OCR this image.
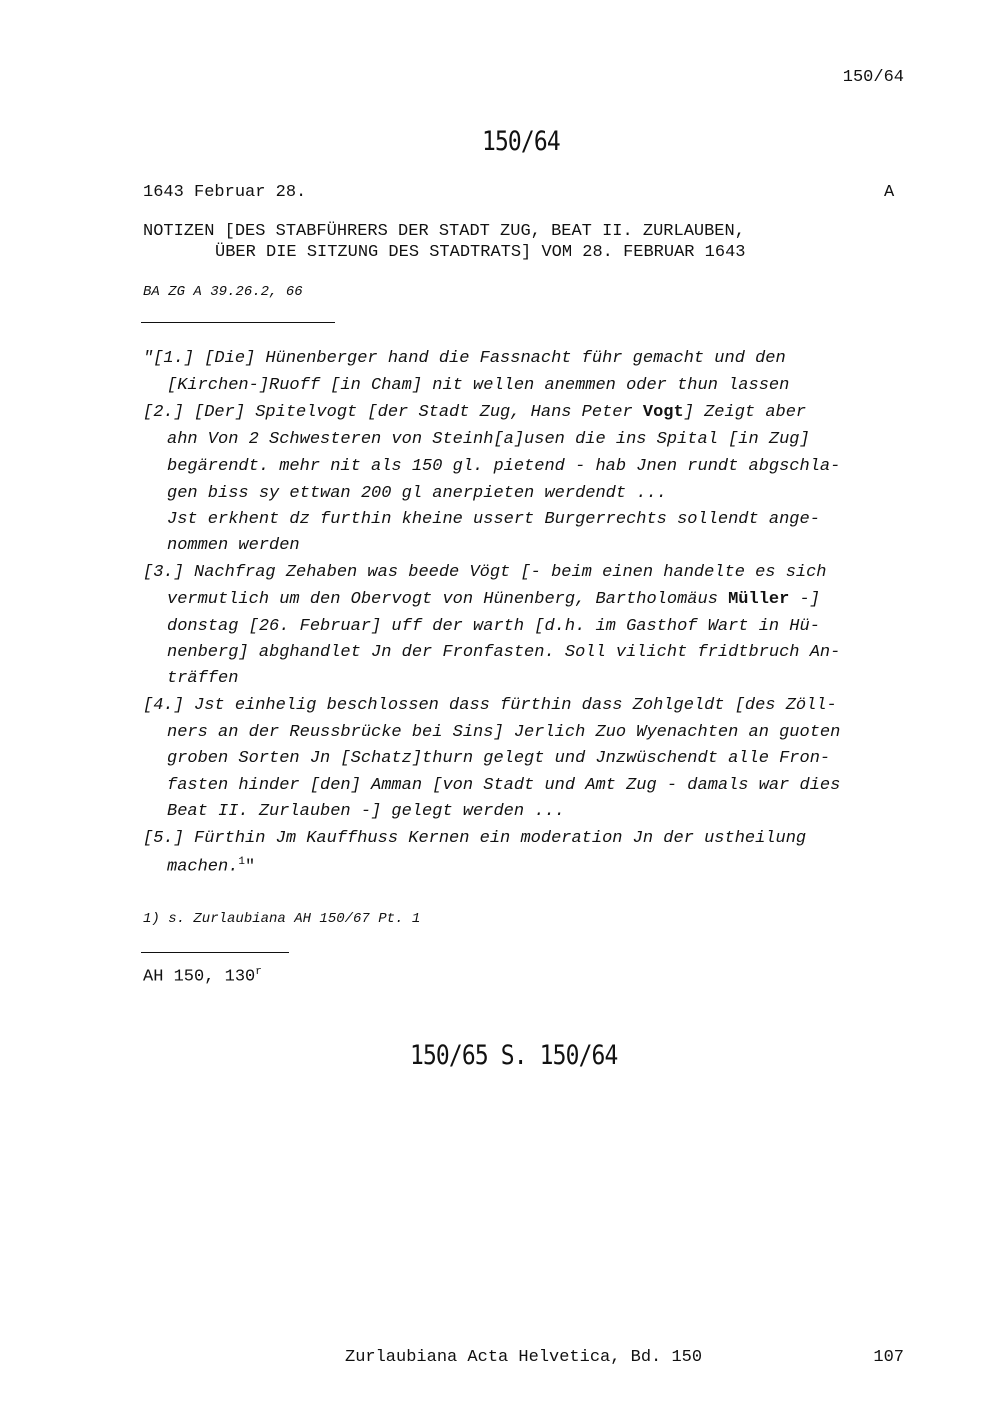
150/64
150/64
1643 Februar 28.	A
NOTIZEN [DES STABFÜHRERS DER STADT ZUG, BEAT II. ZURLAUBEN,
ÜBER DIE SITZUNG DES STADTRATS] VOM 28. FEBRUAR 1643
BA ZG A 39.26.2, 66
"[1.] [Die] Hünenberger hand die Fassnacht führ gemacht und den
[Kirchen-]Ruoff [in Cham] nit wellen anemmen oder thun lassen
[2.] [Der] Spitelvogt [der Stadt Zug, Hans Peter Vogt] Zeigt aber
ahn Von 2 Schwesteren von Steinh[a]usen die ins Spital [in Zug]
begärendt. mehr nit als 150 gl. pietend - hab Jnen rundt abgschla-
gen biss sy ettwan 200 gl anerpieten werdendt ...
Jst erkhent dz furthin kheine ussert Burgerrechts sollendt ange-
nommen werden
[3.] Nachfrag Zehaben was beede Vögt [- beim einen handelte es sich
vermutlich um den Obervogt von Hünenberg, Bartholomäus Müller -]
donstag [26. Februar] uff der warth [d.h. im Gasthof Wart in Hü-
nenberg] abghandlet Jn der Fronfasten. Soll vilicht fridtbruch An-
träffen
[4.] Jst einhelig beschlossen dass fürthin dass Zohlgeldt [des Zöll-
ners an der Reussbrücke bei Sins] Jerlich Zuo Wyenachten an guoten
groben Sorten Jn [Schatz]thurn gelegt und Jnzwüschendt alle Fron-
fasten hinder [den] Amman [von Stadt und Amt Zug - damals war dies
Beat II. Zurlauben -] gelegt werden ...
[5.] Fürthin Jm Kauffhuss Kernen ein moderation Jn der ustheilung
machen.$^1$"
1) s. Zurlaubiana AH 150/67 Pt. 1
AH 150, 130$^r$
150/65 S. 150/64
Zurlaubiana Acta Helvetica, Bd. 150	107
